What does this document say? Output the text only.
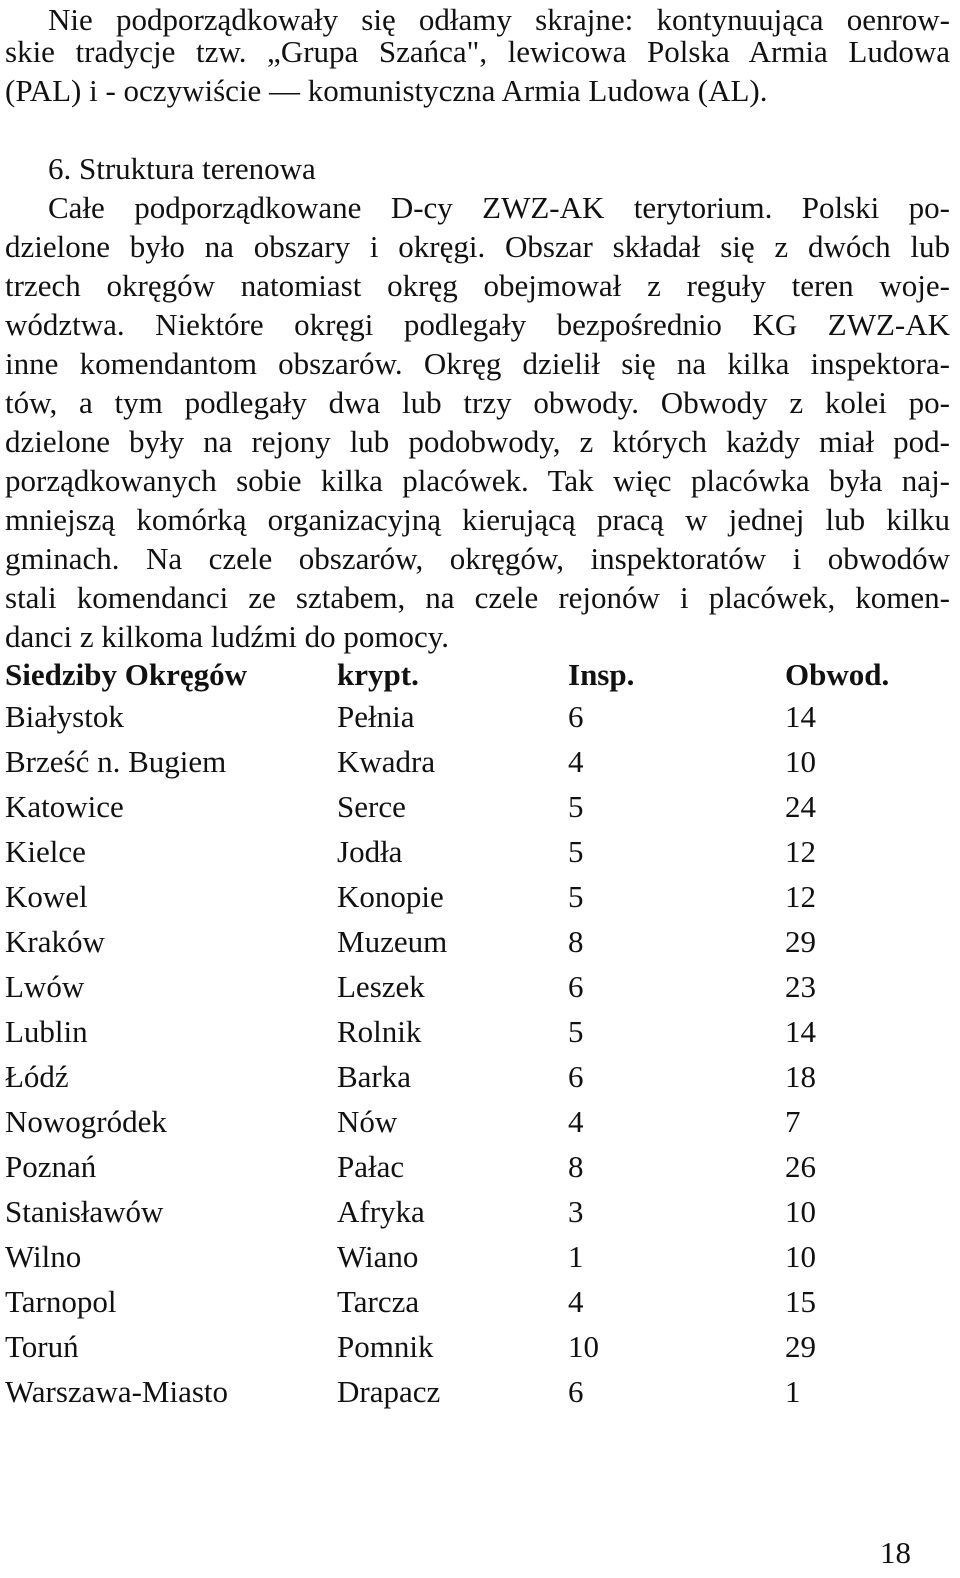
Nie podporządkowały się odłamy skrajne: kontynuująca oenrow-

skie tradycje tzw. „Grupa Szańca", lewicowa Polska Armia Ludowa

(PAL) i - oczywiście — komunistyczna Armia Ludowa (AL).

6. Struktura terenowa

Całe podporządkowane D-cy ZWZ-AK terytorium. Polski po-

dzielone było na obszary i okręgi. Obszar składał się z dwóch lub

trzech okręgów natomiast okręg obejmował z reguły teren woje-

wództwa. Niektóre okręgi podlegały bezpośrednio KG ZWZ-AK

inne komendantom obszarów. Okręg dzielił się na kilka inspektora-

tów, a tym podlegały dwa lub trzy obwody. Obwody z kolei po-

dzielone były na rejony lub podobwody, z których każdy miał pod-

porządkowanych sobie kilka placówek. Tak więc placówka była naj-

mniejszą komórką organizacyjną kierującą pracą w jednej lub kilku

gminach. Na czele obszarów, okręgów, inspektoratów i obwodów

stali komendanci ze sztabem, na czele rejonów i placówek, komen-

danci z kilkoma ludźmi do pomocy.

Siedziby Okręgów	krypt.	Insp.	Obwod.
Białystok	Pełnia	6	14
Brześć n. Bugiem	Kwadra	4	10
Katowice	Serce	5	24
Kielce	Jodła	5	12
Kowel	Konopie	5	12
Kraków	Muzeum	8	29
Lwów	Leszek	6	23
Lublin	Rolnik	5	14
Łódź	Barka	6	18
Nowogródek	Nów	4	7
Poznań	Pałac	8	26
Stanisławów	Afryka	3	10
Wilno	Wiano	1	10
Tarnopol	Tarcza	4	15
Toruń	Pomnik	10	29
Warszawa-Miasto	Drapacz	6	1
18
